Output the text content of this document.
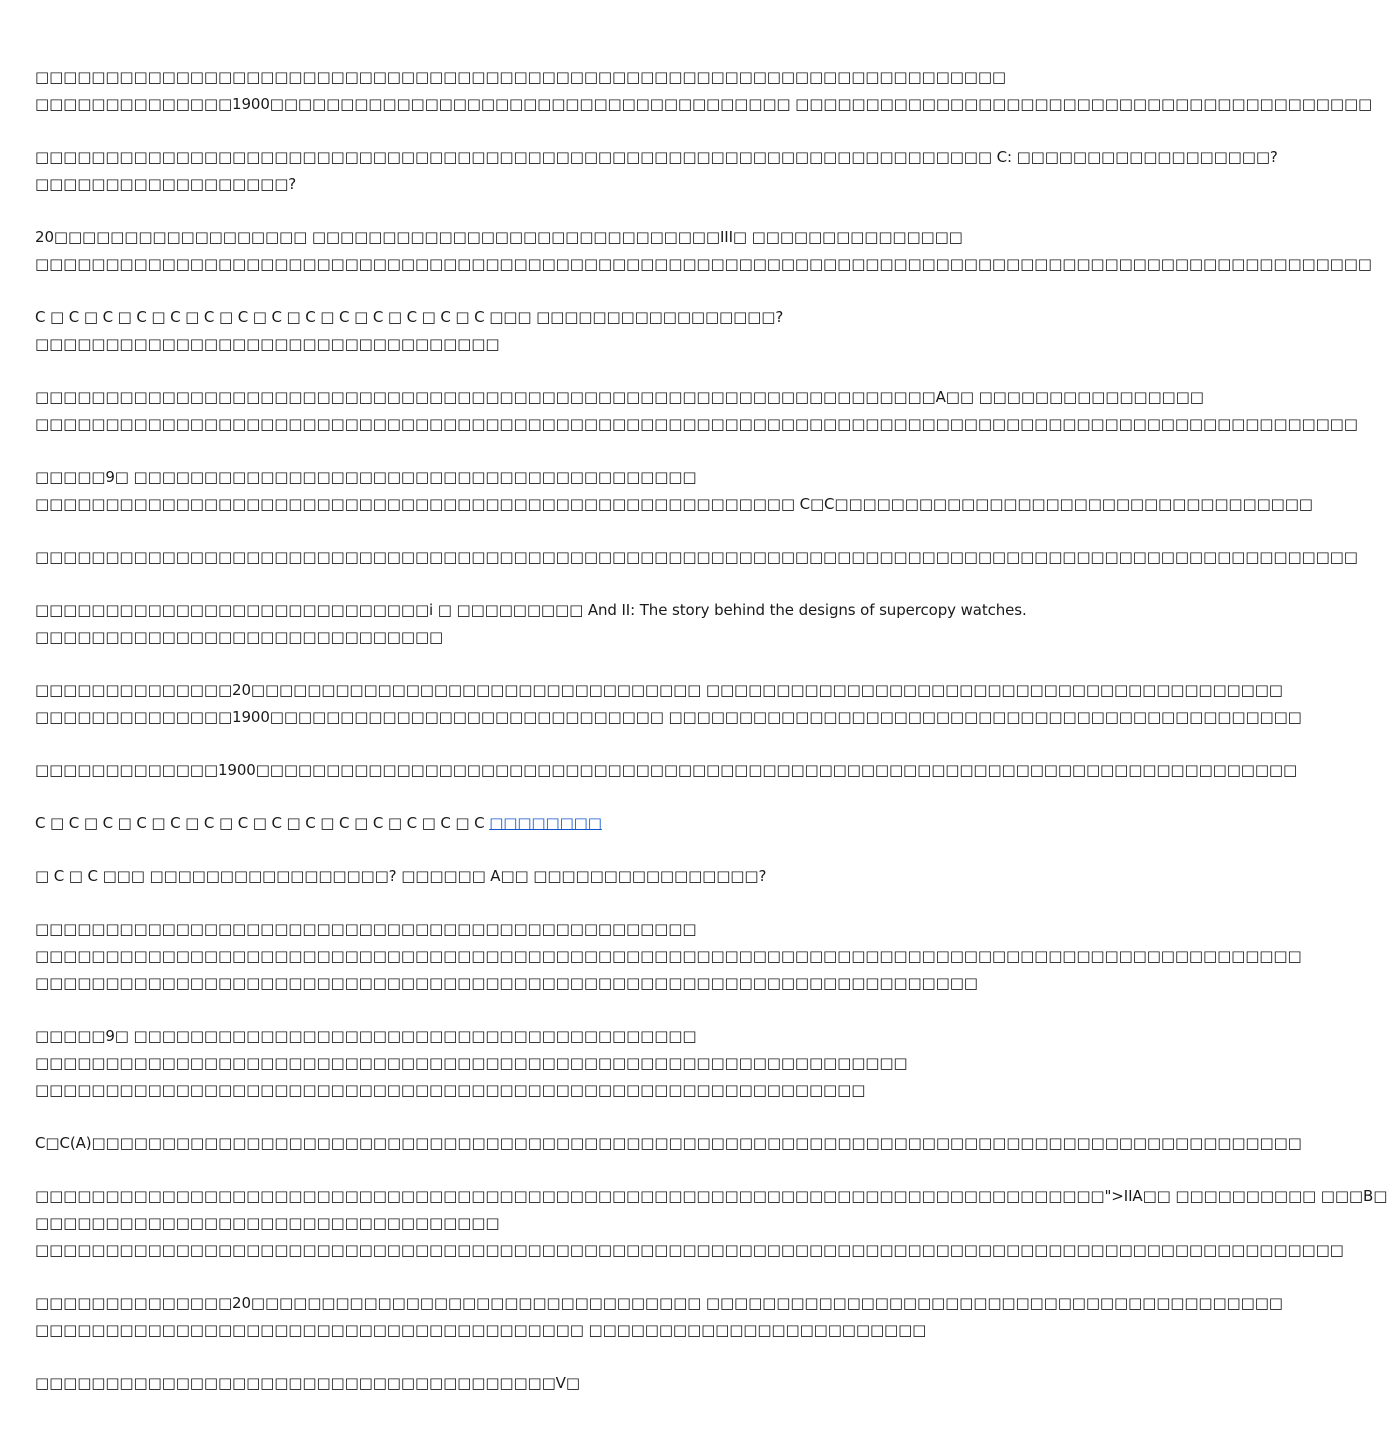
□□□□□□□□□□□□□□□□□□□□□□□□□□□□□□□□□□□□□□□□□□□□□□□□□□□□□□□□□□□□□□□□□□□□□
□□□□□□□□□□□□□□1900□□□□□□□□□□□□□□□□□□□□□□□□□□□□□□□□□□□□□ □□□□□□□□□□□□□□□□□□□□□□□□□□□□□□□□□□□□□□□□□
□□□□□□□□□□□□□□□□□□□□□□□□□□□□□□□□□□□□□□□□□□□□□□□□□□□□□□□□□□□□□□□□□□□□ C: □□□□□□□□□□□□□□□□□□?
□□□□□□□□□□□□□□□□□□?
20□□□□□□□□□□□□□□□□□□ □□□□□□□□□□□□□□□□□□□□□□□□□□□□□III□ □□□□□□□□□□□□□□□
□□□□□□□□□□□□□□□□□□□□□□□□□□□□□□□□□□□□□□□□□□□□□□□□□□□□□□□□□□□□□□□□□□□□□□□□□□□□□□□□□□□□□□□□□□□□□□□
C □ C □ C □ C □ C □ C □ C □ C □ C □ C □ C □ C □ C □ C □□□ □□□□□□□□□□□□□□□□□?
□□□□□□□□□□□□□□□□□□□□□□□□□□□□□□□□□
□□□□□□□□□□□□□□□□□□□□□□□□□□□□□□□□□□□□□□□□□□□□□□□□□□□□□□□□□□□□□□□□A□□ □□□□□□□□□□□□□□□□
□□□□□□□□□□□□□□□□□□□□□□□□□□□□□□□□□□□□□□□□□□□□□□□□□□□□□□□□□□□□□□□□□□□□□□□□□□□□□□□□□□□□□□□□□□□□□□
□□□□□9□ □□□□□□□□□□□□□□□□□□□□□□□□□□□□□□□□□□□□□□□□
□□□□□□□□□□□□□□□□□□□□□□□□□□□□□□□□□□□□□□□□□□□□□□□□□□□□□□ C□C□□□□□□□□□□□□□□□□□□□□□□□□□□□□□□□□□□
□□□□□□□□□□□□□□□□□□□□□□□□□□□□□□□□□□□□□□□□□□□□□□□□□□□□□□□□□□□□□□□□□□□□□□□□□□□□□□□□□□□□□□□□□□□□□□
□□□□□□□□□□□□□□□□□□□□□□□□□□□□i □ □□□□□□□□□ And II: The story behind the designs of supercopy watches.
□□□□□□□□□□□□□□□□□□□□□□□□□□□□□
□□□□□□□□□□□□□□20□□□□□□□□□□□□□□□□□□□□□□□□□□□□□□□□ □□□□□□□□□□□□□□□□□□□□□□□□□□□□□□□□□□□□□□□□□
□□□□□□□□□□□□□□1900□□□□□□□□□□□□□□□□□□□□□□□□□□□□ □□□□□□□□□□□□□□□□□□□□□□□□□□□□□□□□□□□□□□□□□□□□□
□□□□□□□□□□□□□1900□□□□□□□□□□□□□□□□□□□□□□□□□□□□□□□□□□□□□□□□□□□□□□□□□□□□□□□□□□□□□□□□□□□□□□□□□□
C □ C □ C □ C □ C □ C □ C □ C □ C □ C □ C □ C □ C □ C □□□□□□□□
□ C □ C □□□ □□□□□□□□□□□□□□□□□? □□□□□□ A□□ □□□□□□□□□□□□□□□□?
□□□□□□□□□□□□□□□□□□□□□□□□□□□□□□□□□□□□□□□□□□□□□□□
□□□□□□□□□□□□□□□□□□□□□□□□□□□□□□□□□□□□□□□□□□□□□□□□□□□□□□□□□□□□□□□□□□□□□□□□□□□□□□□□□□□□□□□□□□
□□□□□□□□□□□□□□□□□□□□□□□□□□□□□□□□□□□□□□□□□□□□□□□□□□□□□□□□□□□□□□□□□□□
□□□□□9□ □□□□□□□□□□□□□□□□□□□□□□□□□□□□□□□□□□□□□□□□
□□□□□□□□□□□□□□□□□□□□□□□□□□□□□□□□□□□□□□□□□□□□□□□□□□□□□□□□□□□□□□
□□□□□□□□□□□□□□□□□□□□□□□□□□□□□□□□□□□□□□□□□□□□□□□□□□□□□□□□□□□
C□C(A)□□□□□□□□□□□□□□□□□□□□□□□□□□□□□□□□□□□□□□□□□□□□□□□□□□□□□□□□□□□□□□□□□□□□□□□□□□□□□□□□□□□□□□
□□□□□□□□□□□□□□□□□□□□□□□□□□□□□□□□□□□□□□□□□□□□□□□□□□□□□□□□□□□□□□□□□□□□□□□□□□□□">IIA□□ □□□□□□□□□□ □□□B□
□□□□□□□□□□□□□□□□□□□□□□□□□□□□□□□□□
□□□□□□□□□□□□□□□□□□□□□□□□□□□□□□□□□□□□□□□□□□□□□□□□□□□□□□□□□□□□□□□□□□□□□□□□□□□□□□□□□□□□□□□□□□□□□
□□□□□□□□□□□□□□20□□□□□□□□□□□□□□□□□□□□□□□□□□□□□□□□ □□□□□□□□□□□□□□□□□□□□□□□□□□□□□□□□□□□□□□□□□
□□□□□□□□□□□□□□□□□□□□□□□□□□□□□□□□□□□□□□□ □□□□□□□□□□□□□□□□□□□□□□□□
□□□□□□□□□□□□□□□□□□□□□□□□□□□□□□□□□□□□□V□
